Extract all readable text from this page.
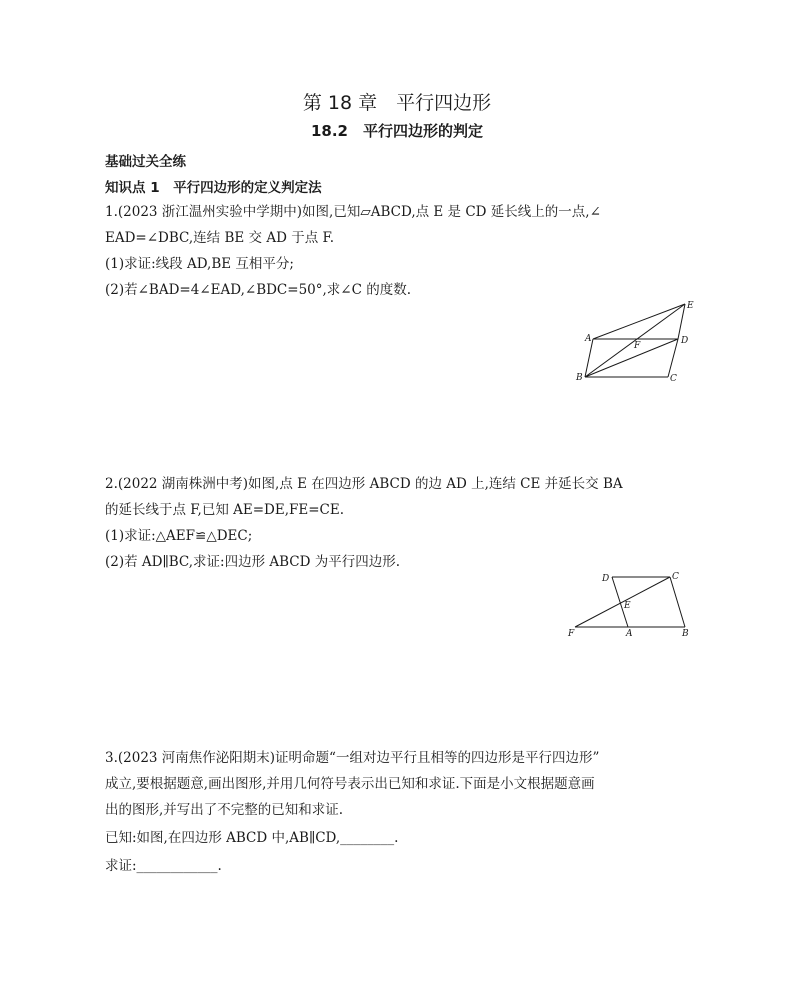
第 18 章　平行四边形
18.2　平行四边形的判定
基础过关全练
知识点 1　平行四边形的定义判定法
1.(2023 浙江温州实验中学期中)如图,已知▱ABCD,点 E 是 CD 延长线上的一点,∠
EAD=∠DBC,连结 BE 交 AD 于点 F.
(1)求证:线段 AD,BE 互相平分;
(2)若∠BAD=4∠EAD,∠BDC=50°,求∠C 的度数.
E
A
F	D
B	C
2.(2022 湖南株洲中考)如图,点 E 在四边形 ABCD 的边 AD 上,连结 CE 并延长交 BA
的延长线于点 F,已知 AE=DE,FE=CE.
(1)求证:△AEF≌△DEC;
(2)若 AD∥BC,求证:四边形 ABCD 为平行四边形.
D	C
E
F	A	B
3.(2023 河南焦作泌阳期末)证明命题“一组对边平行且相等的四边形是平行四边形”
成立,要根据题意,画出图形,并用几何符号表示出已知和求证.下面是小文根据题意画
出的图形,并写出了不完整的已知和求证.
已知:如图,在四边形 ABCD 中,AB∥CD,________.
求证:____________.
